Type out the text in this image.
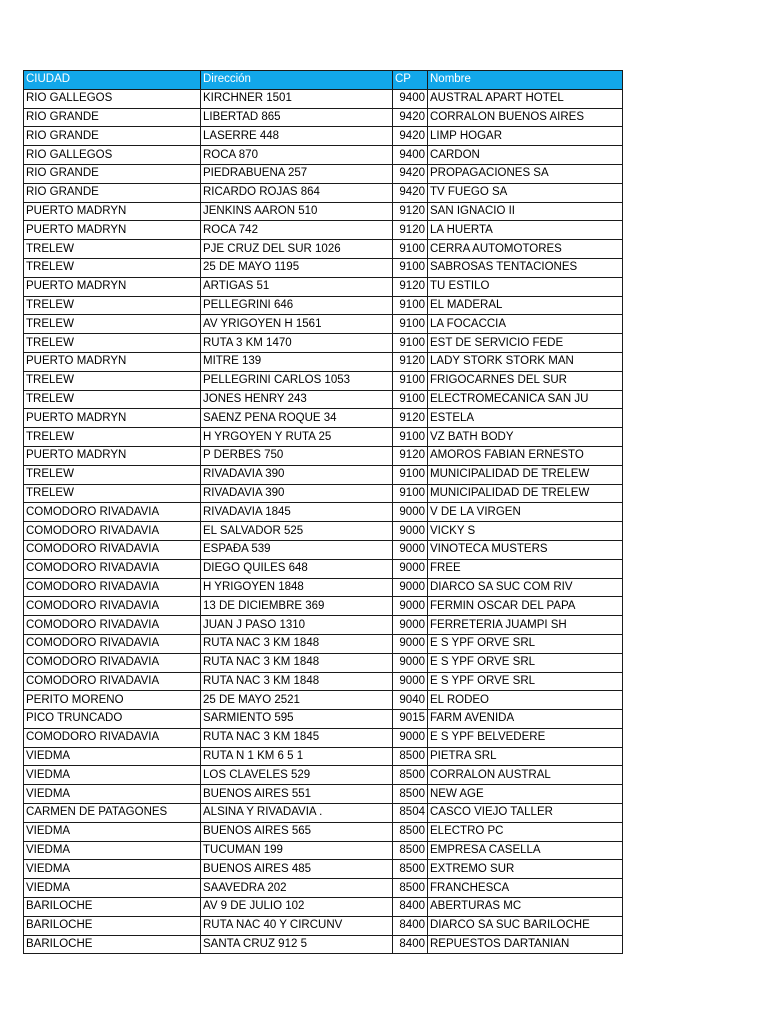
CIUDAD	Dirección	CP	Nombre
RIO GALLEGOS	KIRCHNER 1501	9400	AUSTRAL APART HOTEL
RIO GRANDE	LIBERTAD 865	9420	CORRALON BUENOS AIRES
RIO GRANDE	LASERRE 448	9420	LIMP HOGAR
RIO GALLEGOS	ROCA 870	9400	CARDON
RIO GRANDE	PIEDRABUENA 257	9420	PROPAGACIONES SA
RIO GRANDE	RICARDO ROJAS 864	9420	TV FUEGO SA
PUERTO MADRYN	JENKINS AARON 510	9120	SAN IGNACIO II
PUERTO MADRYN	ROCA 742	9120	LA HUERTA
TRELEW	PJE CRUZ DEL SUR 1026	9100	CERRA AUTOMOTORES
TRELEW	25 DE MAYO 1195	9100	SABROSAS TENTACIONES
PUERTO MADRYN	ARTIGAS 51	9120	TU ESTILO
TRELEW	PELLEGRINI 646	9100	EL MADERAL
TRELEW	AV YRIGOYEN H 1561	9100	LA FOCACCIA
TRELEW	RUTA 3 KM 1470	9100	EST DE SERVICIO FEDE
PUERTO MADRYN	MITRE 139	9120	LADY STORK STORK MAN
TRELEW	PELLEGRINI CARLOS 1053	9100	FRIGOCARNES DEL SUR
TRELEW	JONES HENRY 243	9100	ELECTROMECANICA SAN JU
PUERTO MADRYN	SAENZ PENA ROQUE 34	9120	ESTELA
TRELEW	H YRGOYEN Y RUTA 25	9100	VZ BATH BODY
PUERTO MADRYN	P DERBES 750	9120	AMOROS FABIAN ERNESTO
TRELEW	RIVADAVIA 390	9100	MUNICIPALIDAD DE TRELEW
TRELEW	RIVADAVIA 390	9100	MUNICIPALIDAD DE TRELEW
COMODORO RIVADAVIA	RIVADAVIA 1845	9000	V DE LA VIRGEN
COMODORO RIVADAVIA	EL SALVADOR 525	9000	VICKY S
COMODORO RIVADAVIA	ESPAÐA 539	9000	VINOTECA MUSTERS
COMODORO RIVADAVIA	DIEGO QUILES 648	9000	FREE
COMODORO RIVADAVIA	H YRIGOYEN 1848	9000	DIARCO SA SUC COM RIV
COMODORO RIVADAVIA	13 DE DICIEMBRE 369	9000	FERMIN OSCAR DEL PAPA
COMODORO RIVADAVIA	JUAN J PASO 1310	9000	FERRETERIA JUAMPI SH
COMODORO RIVADAVIA	RUTA NAC 3 KM 1848	9000	E S YPF ORVE SRL
COMODORO RIVADAVIA	RUTA NAC 3 KM 1848	9000	E S YPF ORVE SRL
COMODORO RIVADAVIA	RUTA NAC 3 KM 1848	9000	E S YPF ORVE SRL
PERITO MORENO	25 DE MAYO 2521	9040	EL RODEO
PICO TRUNCADO	SARMIENTO 595	9015	FARM AVENIDA
COMODORO RIVADAVIA	RUTA NAC 3 KM 1845	9000	E S YPF BELVEDERE
VIEDMA	RUTA N 1 KM 6 5 1	8500	PIETRA SRL
VIEDMA	LOS CLAVELES 529	8500	CORRALON AUSTRAL
VIEDMA	BUENOS AIRES 551	8500	NEW AGE
CARMEN DE PATAGONES	ALSINA Y RIVADAVIA .	8504	CASCO VIEJO TALLER
VIEDMA	BUENOS AIRES 565	8500	ELECTRO PC
VIEDMA	TUCUMAN 199	8500	EMPRESA CASELLA
VIEDMA	BUENOS AIRES 485	8500	EXTREMO SUR
VIEDMA	SAAVEDRA 202	8500	FRANCHESCA
BARILOCHE	AV 9 DE JULIO 102	8400	ABERTURAS MC
BARILOCHE	RUTA NAC 40 Y CIRCUNV	8400	DIARCO SA SUC BARILOCHE
BARILOCHE	SANTA CRUZ 912 5	8400	REPUESTOS DARTANIAN
